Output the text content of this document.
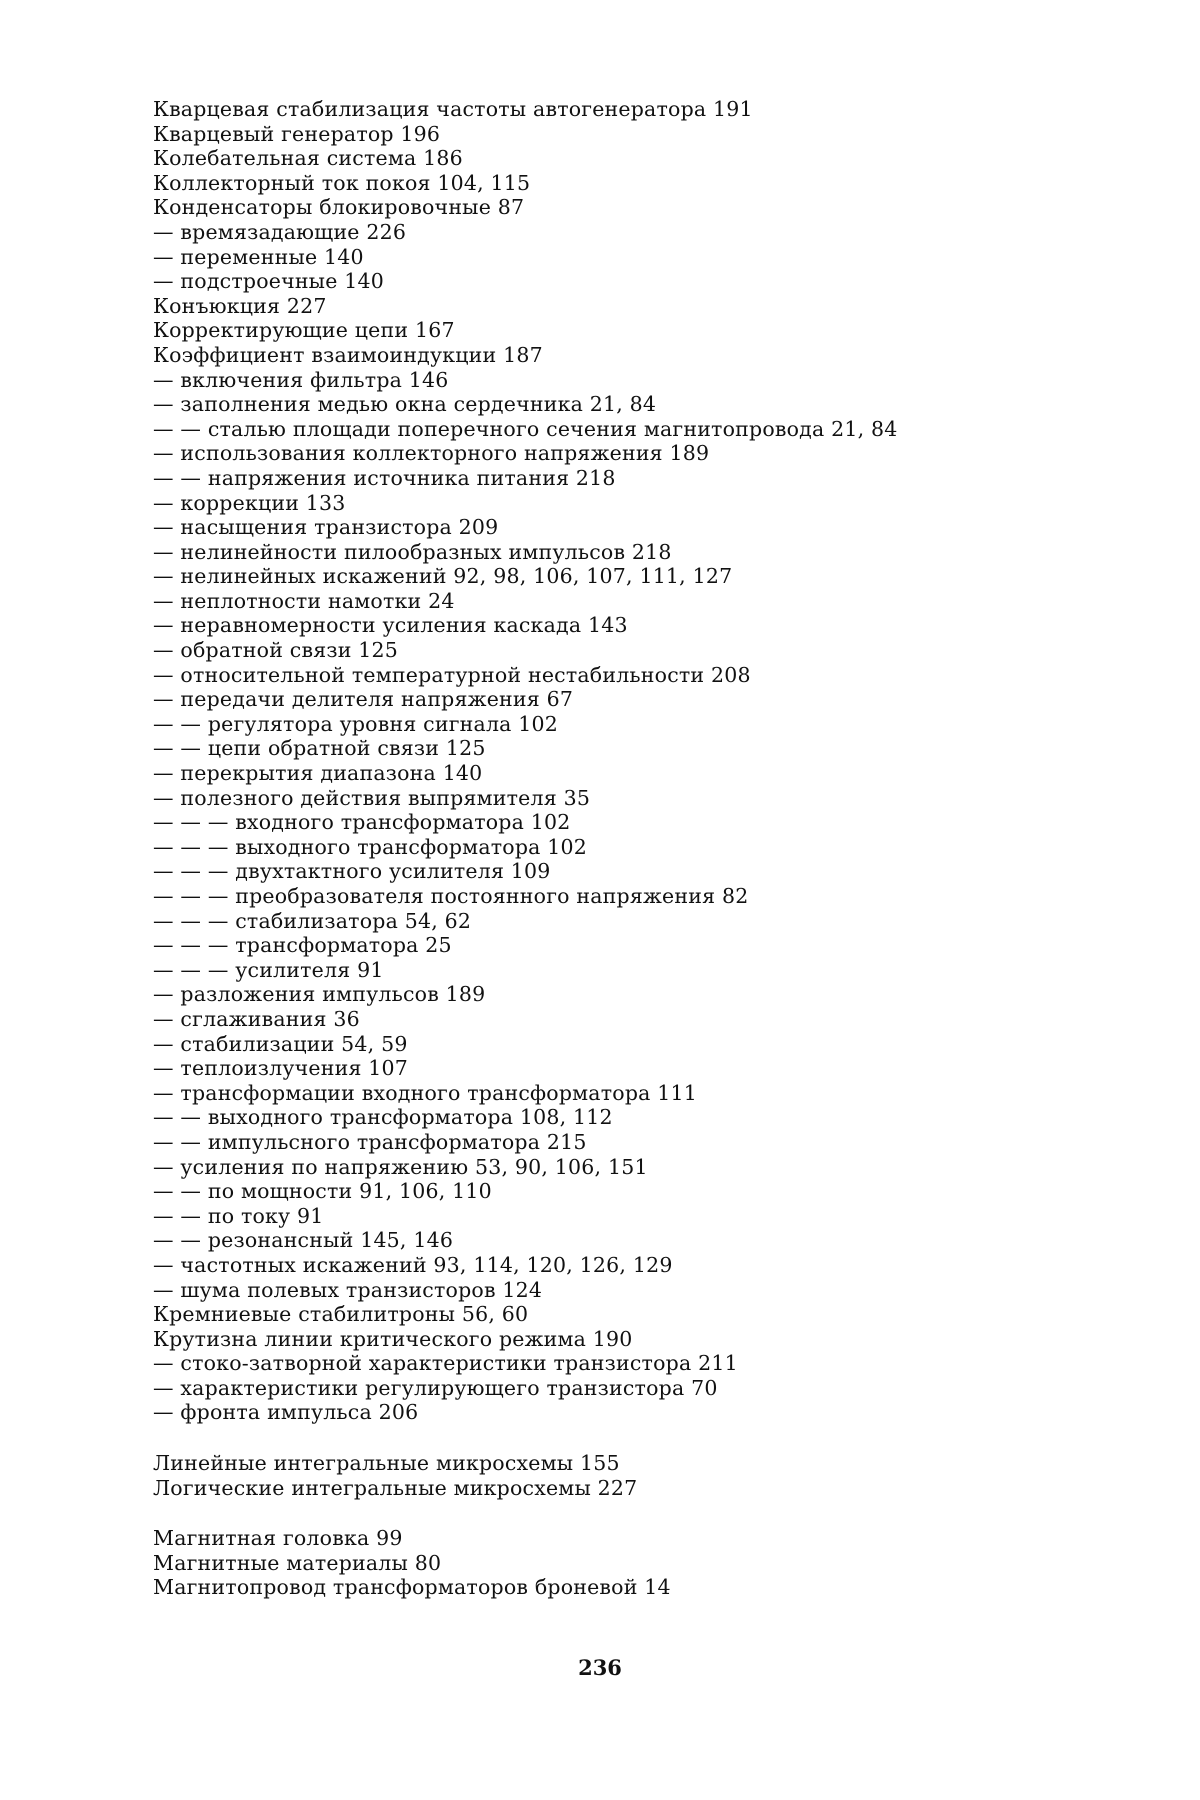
Кварцевая стабилизация частоты автогенератора 191
Кварцевый генератор 196
Колебательная система 186
Коллекторный ток покоя 104, 115
Конденсаторы блокировочные 87
— времязадающие 226
— переменные 140
— подстроечные 140
Конъюкция 227
Корректирующие цепи 167
Коэффициент взаимоиндукции 187
— включения фильтра 146
— заполнения медью окна сердечника 21, 84
— — сталью площади поперечного сечения магнитопровода 21, 84
— использования коллекторного напряжения 189
— — напряжения источника питания 218
— коррекции 133
— насыщения транзистора 209
— нелинейности пилообразных импульсов 218
— нелинейных искажений 92, 98, 106, 107, 111, 127
— неплотности намотки 24
— неравномерности усиления каскада 143
— обратной связи 125
— относительной температурной нестабильности 208
— передачи делителя напряжения 67
— — регулятора уровня сигнала 102
— — цепи обратной связи 125
— перекрытия диапазона 140
— полезного действия выпрямителя 35
— — — входного трансформатора 102
— — — выходного трансформатора 102
— — — двухтактного усилителя 109
— — — преобразователя постоянного напряжения 82
— — — стабилизатора 54, 62
— — — трансформатора 25
— — — усилителя 91
— разложения импульсов 189
— сглаживания 36
— стабилизации 54, 59
— теплоизлучения 107
— трансформации входного трансформатора 111
— — выходного трансформатора 108, 112
— — импульсного трансформатора 215
— усиления по напряжению 53, 90, 106, 151
— — по мощности 91, 106, 110
— — по току 91
— — резонансный 145, 146
— частотных искажений 93, 114, 120, 126, 129
— шума полевых транзисторов 124
Кремниевые стабилитроны 56, 60
Крутизна линии критического режима 190
— стоко-затворной характеристики транзистора 211
— характеристики регулирующего транзистора 70
— фронта импульса 206
Линейные интегральные микросхемы 155
Логические интегральные микросхемы 227
Магнитная головка 99
Магнитные материалы 80
Магнитопровод трансформаторов броневой 14
236
